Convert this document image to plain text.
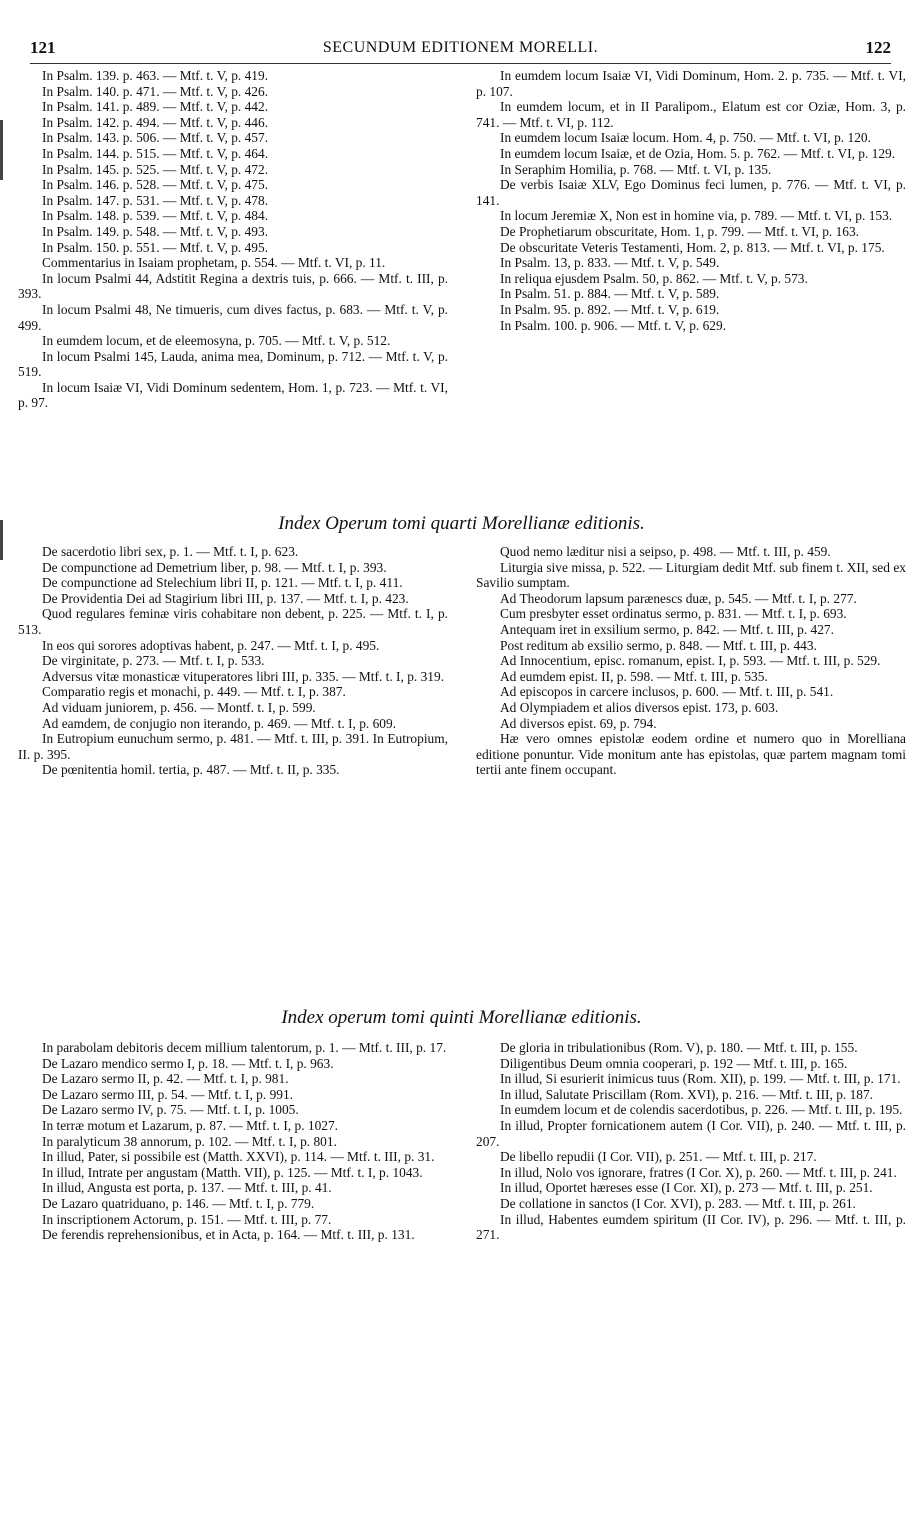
121	SECUNDUM EDITIONEM MORELLI.	122

In Psalm. 139. p. 463. — Mtf. t. V, p. 419.

In Psalm. 140. p. 471. — Mtf. t. V, p. 426.

In Psalm. 141. p. 489. — Mtf. t. V, p. 442.

In Psalm. 142. p. 494. — Mtf. t. V, p. 446.

In Psalm. 143. p. 506. — Mtf. t. V, p. 457.

In Psalm. 144. p. 515. — Mtf. t. V, p. 464.

In Psalm. 145. p. 525. — Mtf. t. V, p. 472.

In Psalm. 146. p. 528. — Mtf. t. V, p. 475.

In Psalm. 147. p. 531. — Mtf. t. V, p. 478.

In Psalm. 148. p. 539. — Mtf. t. V, p. 484.

In Psalm. 149. p. 548. — Mtf. t. V, p. 493.

In Psalm. 150. p. 551. — Mtf. t. V, p. 495.

Commentarius in Isaiam prophetam, p. 554. — Mtf. t. VI, p. 11.

In locum Psalmi 44, Adstitit Regina a dextris tuis, p. 666. — Mtf. t. III, p. 393.

In locum Psalmi 48, Ne timueris, cum dives factus, p. 683. — Mtf. t. V, p. 499.

In eumdem locum, et de eleemosyna, p. 705. — Mtf. t. V, p. 512.

In locum Psalmi 145, Lauda, anima mea, Dominum, p. 712. — Mtf. t. V, p. 519.

In locum Isaiæ VI, Vidi Dominum sedentem, Hom. 1, p. 723. — Mtf. t. VI, p. 97.

In eumdem locum Isaiæ VI, Vidi Dominum, Hom. 2. p. 735. — Mtf. t. VI, p. 107.

In eumdem locum, et in II Paralipom., Elatum est cor Oziæ, Hom. 3, p. 741. — Mtf. t. VI, p. 112.

In eumdem locum Isaiæ locum. Hom. 4, p. 750. — Mtf. t. VI, p. 120.

In eumdem locum Isaiæ, et de Ozia, Hom. 5. p. 762. — Mtf. t. VI, p. 129.

In Seraphim Homilia, p. 768. — Mtf. t. VI, p. 135.

De verbis Isaiæ XLV, Ego Dominus feci lumen, p. 776. — Mtf. t. VI, p. 141.

In locum Jeremiæ X, Non est in homine via, p. 789. — Mtf. t. VI, p. 153.

De Prophetiarum obscuritate, Hom. 1, p. 799. — Mtf. t. VI, p. 163.

De obscuritate Veteris Testamenti, Hom. 2, p. 813. — Mtf. t. VI, p. 175.

In Psalm. 13, p. 833. — Mtf. t. V, p. 549.

In reliqua ejusdem Psalm. 50, p. 862. — Mtf. t. V, p. 573.

In Psalm. 51. p. 884. — Mtf. t. V, p. 589.

In Psalm. 95. p. 892. — Mtf. t. V, p. 619.

In Psalm. 100. p. 906. — Mtf. t. V, p. 629.

Index Operum tomi quarti Morellianæ editionis.

De sacerdotio libri sex, p. 1. — Mtf. t. I, p. 623.

De compunctione ad Demetrium liber, p. 98. — Mtf. t. I, p. 393.

De compunctione ad Stelechium libri II, p. 121. — Mtf. t. I, p. 411.

De Providentia Dei ad Stagirium libri III, p. 137. — Mtf. t. I, p. 423.

Quod regulares feminæ viris cohabitare non debent, p. 225. — Mtf. t. I, p. 513.

In eos qui sorores adoptivas habent, p. 247. — Mtf. t. I, p. 495.

De virginitate, p. 273. — Mtf. t. I, p. 533.

Adversus vitæ monasticæ vituperatores libri III, p. 335. — Mtf. t. I, p. 319.

Comparatio regis et monachi, p. 449. — Mtf. t. I, p. 387.

Ad viduam juniorem, p. 456. — Montf. t. I, p. 599.

Ad eamdem, de conjugio non iterando, p. 469. — Mtf. t. I, p. 609.

In Eutropium eunuchum sermo, p. 481. — Mtf. t. III, p. 391. In Eutropium, II. p. 395.

De pœnitentia homil. tertia, p. 487. — Mtf. t. II, p. 335.

Quod nemo læditur nisi a seipso, p. 498. — Mtf. t. III, p. 459.

Liturgia sive missa, p. 522. — Liturgiam dedit Mtf. sub finem t. XII, sed ex Savilio sumptam.

Ad Theodorum lapsum parænescs duæ, p. 545. — Mtf. t. I, p. 277.

Cum presbyter esset ordinatus sermo, p. 831. — Mtf. t. I, p. 693.

Antequam iret in exsilium sermo, p. 842. — Mtf. t. III, p. 427.

Post reditum ab exsilio sermo, p. 848. — Mtf. t. III, p. 443.

Ad Innocentium, episc. romanum, epist. I, p. 593. — Mtf. t. III, p. 529.

Ad eumdem epist. II, p. 598. — Mtf. t. III, p. 535.

Ad episcopos in carcere inclusos, p. 600. — Mtf. t. III, p. 541.

Ad Olympiadem et alios diversos epist. 173, p. 603.

Ad diversos epist. 69, p. 794.

Hæ vero omnes epistolæ eodem ordine et numero quo in Morelliana editione ponuntur. Vide monitum ante has epistolas, quæ partem magnam tomi tertii ante finem occupant.

Index operum tomi quinti Morellianæ editionis.

In parabolam debitoris decem millium talentorum, p. 1. — Mtf. t. III, p. 17.

De Lazaro mendico sermo I, p. 18. — Mtf. t. I, p. 963.

De Lazaro sermo II, p. 42. — Mtf. t. I, p. 981.

De Lazaro sermo III, p. 54. — Mtf. t. I, p. 991.

De Lazaro sermo IV, p. 75. — Mtf. t. I, p. 1005.

In terræ motum et Lazarum, p. 87. — Mtf. t. I, p. 1027.

In paralyticum 38 annorum, p. 102. — Mtf. t. I, p. 801.

In illud, Pater, si possibile est (Matth. XXVI), p. 114. — Mtf. t. III, p. 31.

In illud, Intrate per angustam (Matth. VII), p. 125. — Mtf. t. I, p. 1043.

In illud, Angusta est porta, p. 137. — Mtf. t. III, p. 41.

De Lazaro quatriduano, p. 146. — Mtf. t. I, p. 779.

In inscriptionem Actorum, p. 151. — Mtf. t. III, p. 77.

De ferendis reprehensionibus, et in Acta, p. 164. — Mtf. t. III, p. 131.

De gloria in tribulationibus (Rom. V), p. 180. — Mtf. t. III, p. 155.

Diligentibus Deum omnia cooperari, p. 192 — Mtf. t. III, p. 165.

In illud, Si esurierit inimicus tuus (Rom. XII), p. 199. — Mtf. t. III, p. 171.

In illud, Salutate Priscillam (Rom. XVI), p. 216. — Mtf. t. III, p. 187.

In eumdem locum et de colendis sacerdotibus, p. 226. — Mtf. t. III, p. 195.

In illud, Propter fornicationem autem (I Cor. VII), p. 240. — Mtf. t. III, p. 207.

De libello repudii (I Cor. VII), p. 251. — Mtf. t. III, p. 217.

In illud, Nolo vos ignorare, fratres (I Cor. X), p. 260. — Mtf. t. III, p. 241.

In illud, Oportet hæreses esse (I Cor. XI), p. 273 — Mtf. t. III, p. 251.

De collatione in sanctos (I Cor. XVI), p. 283. — Mtf. t. III, p. 261.

In illud, Habentes eumdem spiritum (II Cor. IV), p. 296. — Mtf. t. III, p. 271.
